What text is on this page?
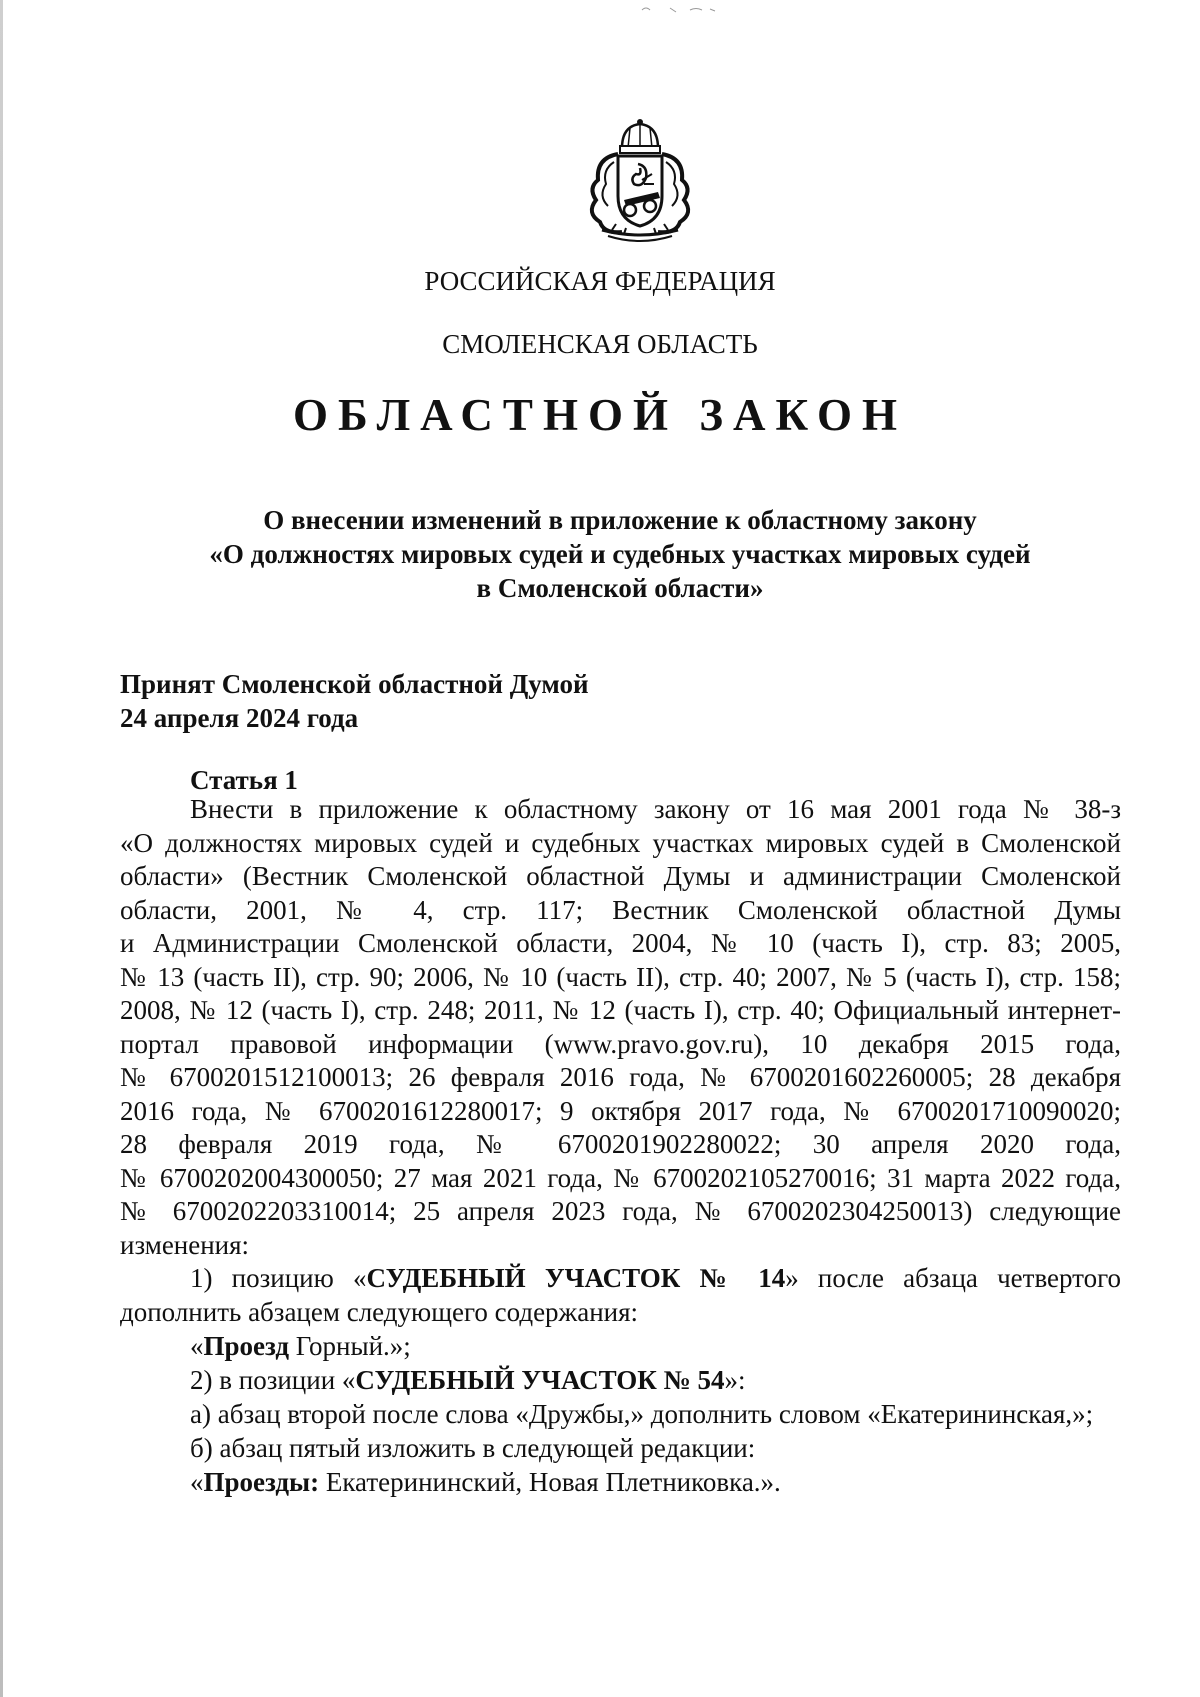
РОССИЙСКАЯ ФЕДЕРАЦИЯ
СМОЛЕНСКАЯ ОБЛАСТЬ
ОБЛАСТНОЙ ЗАКОН
О внесении изменений в приложение к областному закону
«О должностях мировых судей и судебных участках мировых судей
в Смоленской области»
Принят Смоленской областной Думой
24 апреля 2024 года
Статья 1
Внести в приложение к областному закону от 16 мая 2001 года № 38-з
«О должностях мировых судей и судебных участках мировых судей в Смоленской
области» (Вестник Смоленской областной Думы и администрации Смоленской
области, 2001, № 4, стр. 117; Вестник Смоленской областной Думы
и Администрации Смоленской области, 2004, № 10 (часть I), стр. 83; 2005,
№ 13 (часть II), стр. 90; 2006, № 10 (часть II), стр. 40; 2007, № 5 (часть I), стр. 158;
2008, № 12 (часть I), стр. 248; 2011, № 12 (часть I), стр. 40; Официальный интернет-
портал правовой информации (www.pravo.gov.ru), 10 декабря 2015 года,
№ 6700201512100013; 26 февраля 2016 года, № 6700201602260005; 28 декабря
2016 года, № 6700201612280017; 9 октября 2017 года, № 6700201710090020;
28 февраля 2019 года, № 6700201902280022; 30 апреля 2020 года,
№ 6700202004300050; 27 мая 2021 года, № 6700202105270016; 31 марта 2022 года,
№ 6700202203310014; 25 апреля 2023 года, № 6700202304250013) следующие
изменения:
1) позицию «СУДЕБНЫЙ УЧАСТОК № 14» после абзаца четвертого
дополнить абзацем следующего содержания:
«Проезд Горный.»;
2) в позиции «СУДЕБНЫЙ УЧАСТОК № 54»:
а) абзац второй после слова «Дружбы,» дополнить словом «Екатерининская,»;
б) абзац пятый изложить в следующей редакции:
«Проезды: Екатерининский, Новая Плетниковка.».
